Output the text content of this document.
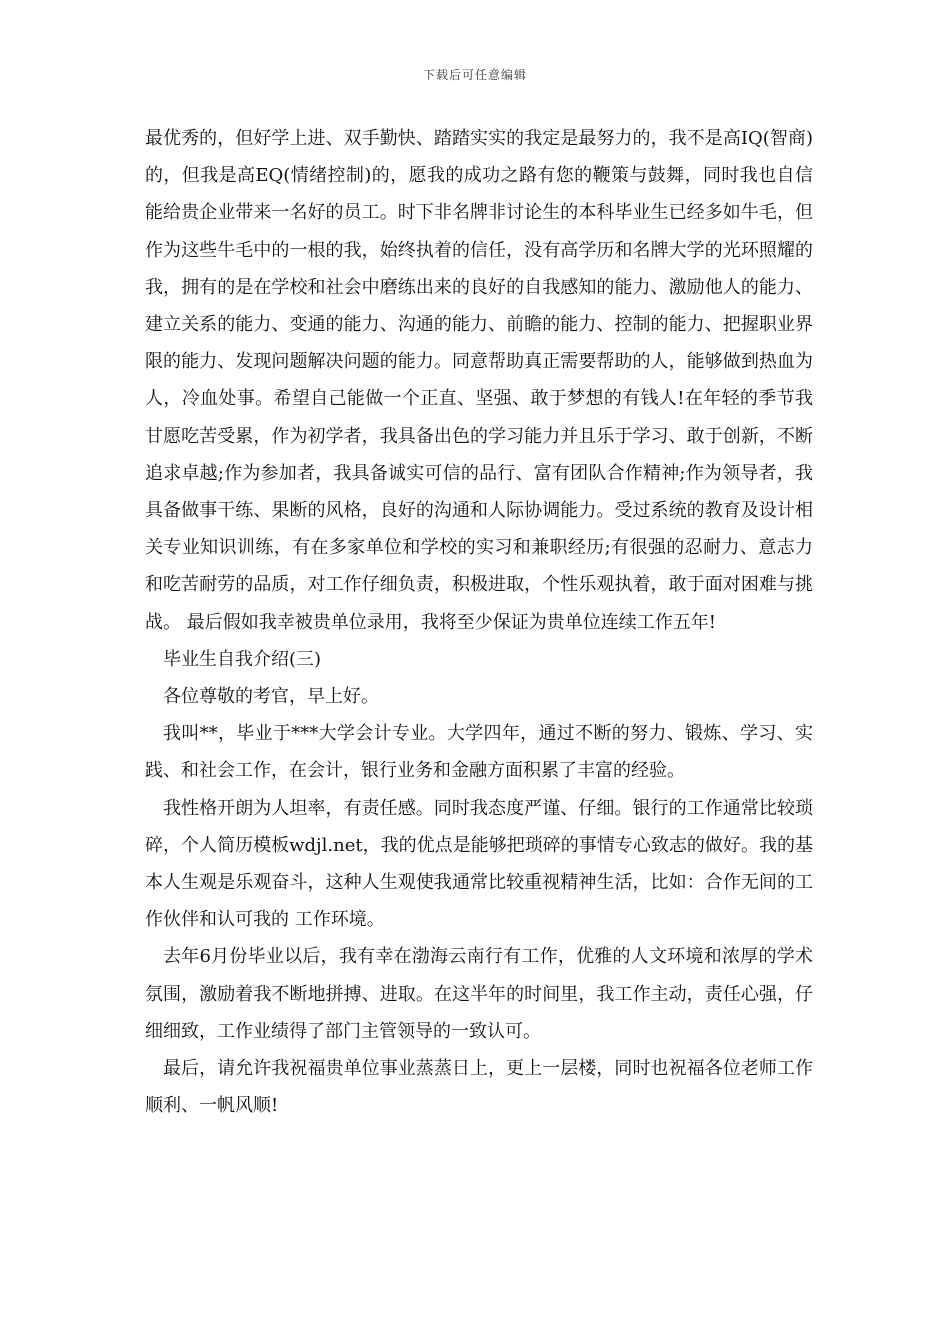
下载后可任意编辑

最优秀的，但好学上进、双手勤快、踏踏实实的我定是最努力的，我不是高IQ(智商)的，但我是高EQ(情绪控制)的，愿我的成功之路有您的鞭策与鼓舞，同时我也自信能给贵企业带来一名好的员工。时下非名牌非讨论生的本科毕业生已经多如牛毛，但作为这些牛毛中的一根的我，始终执着的信任，没有高学历和名牌大学的光环照耀的我，拥有的是在学校和社会中磨练出来的良好的自我感知的能力、激励他人的能力、建立关系的能力、变通的能力、沟通的能力、前瞻的能力、控制的能力、把握职业界限的能力、发现问题解决问题的能力。同意帮助真正需要帮助的人，能够做到热血为人，冷血处事。希望自己能做一个正直、坚强、敢于梦想的有钱人!在年轻的季节我甘愿吃苦受累，作为初学者，我具备出色的学习能力并且乐于学习、敢于创新，不断追求卓越;作为参加者，我具备诚实可信的品行、富有团队合作精神;作为领导者，我具备做事干练、果断的风格，良好的沟通和人际协调能力。受过系统的教育及设计相关专业知识训练，有在多家单位和学校的实习和兼职经历;有很强的忍耐力、意志力和吃苦耐劳的品质，对工作仔细负责，积极进取，个性乐观执着，敢于面对困难与挑战。 最后假如我幸被贵单位录用，我将至少保证为贵单位连续工作五年!

毕业生自我介绍(三)

各位尊敬的考官，早上好。

我叫**，毕业于***大学会计专业。大学四年，通过不断的努力、锻炼、学习、实践、和社会工作，在会计，银行业务和金融方面积累了丰富的经验。

我性格开朗为人坦率，有责任感。同时我态度严谨、仔细。银行的工作通常比较琐碎，个人简历模板wdjl.net，我的优点是能够把琐碎的事情专心致志的做好。我的基本人生观是乐观奋斗，这种人生观使我通常比较重视精神生活，比如：合作无间的工作伙伴和认可我的 工作环境。

去年6月份毕业以后，我有幸在渤海云南行有工作，优雅的人文环境和浓厚的学术氛围，激励着我不断地拼搏、进取。在这半年的时间里，我工作主动，责任心强，仔细细致，工作业绩得了部门主管领导的一致认可。

最后，请允许我祝福贵单位事业蒸蒸日上，更上一层楼，同时也祝福各位老师工作顺利、一帆风顺!
